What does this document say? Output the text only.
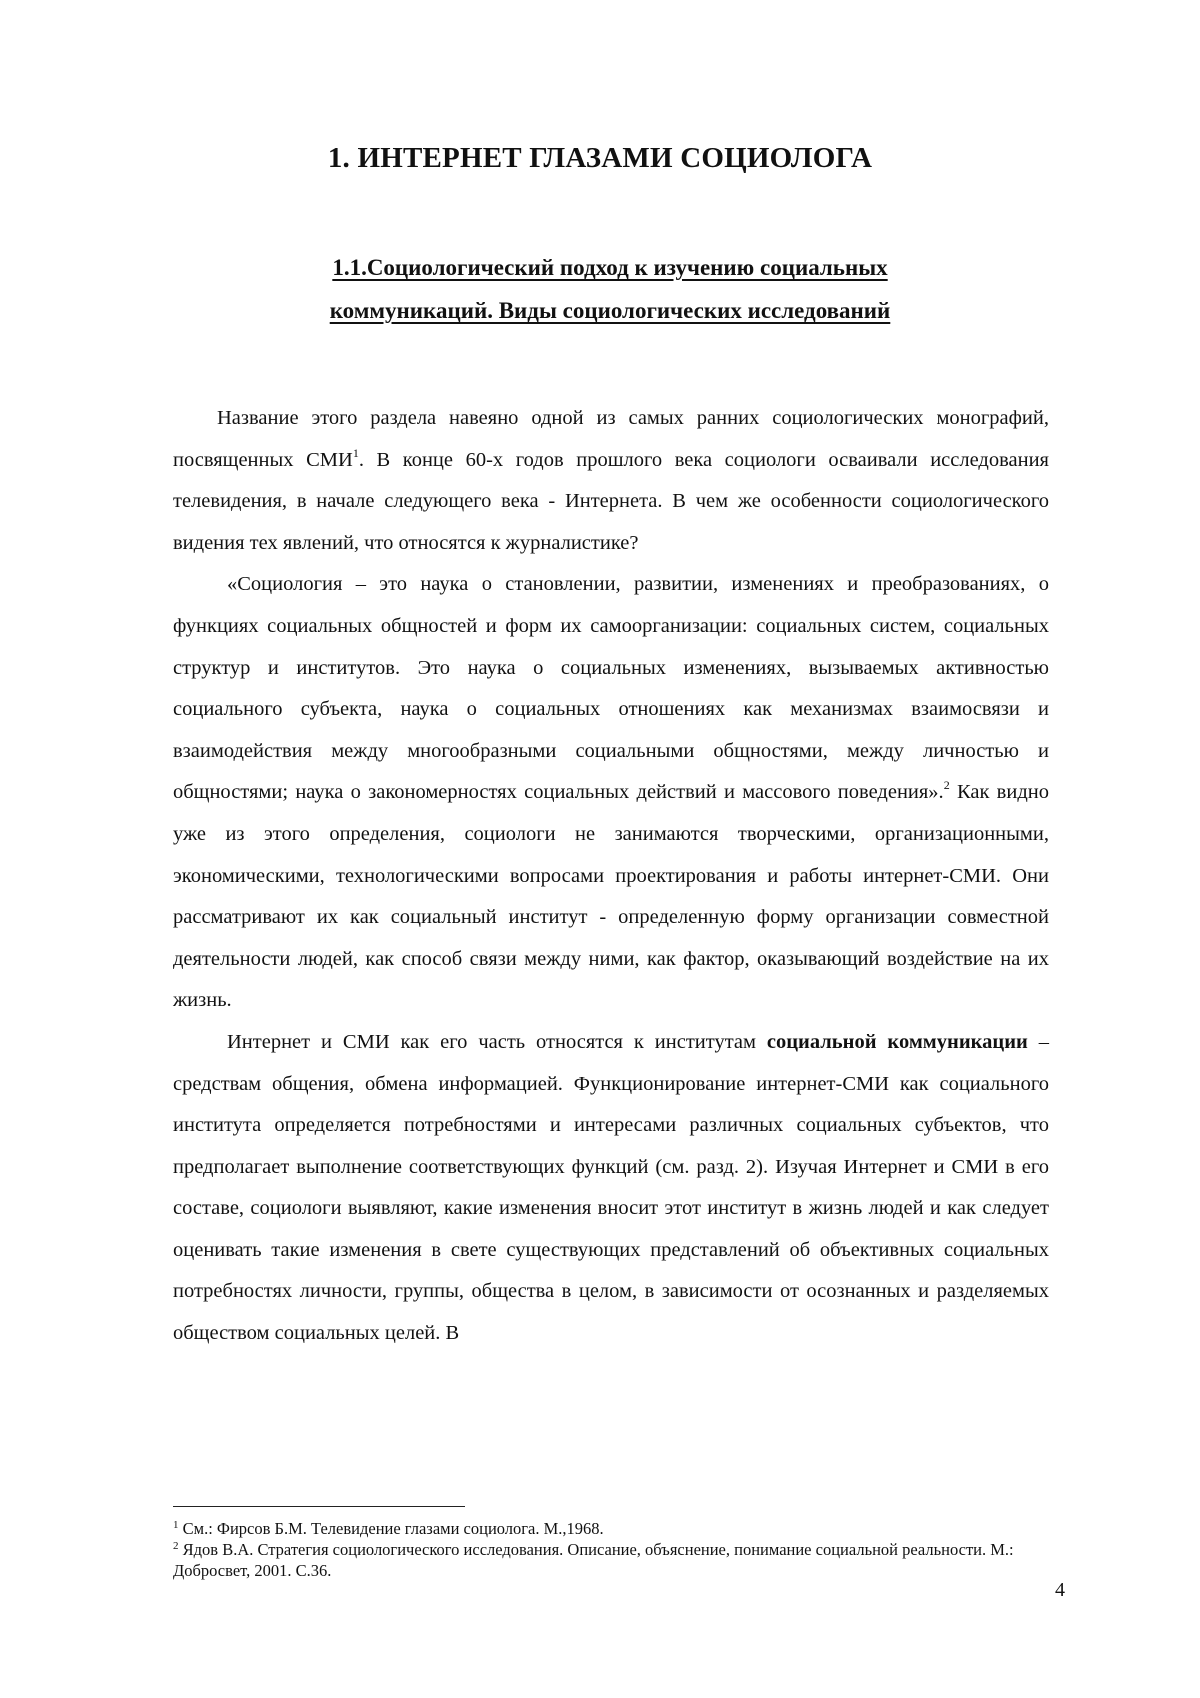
1. ИНТЕРНЕТ ГЛАЗАМИ СОЦИОЛОГА
1.1.Социологический подход к изучению социальных
коммуникаций. Виды социологических исследований

Название этого раздела навеяно одной из самых ранних социологических монографий, посвященных СМИ$^1$. В конце 60-х годов прошлого века социологи осваивали исследования телевидения, в начале следующего века - Интернета. В чем же особенности социологического видения тех явлений, что относятся к журналистике?

«Социология – это наука о становлении, развитии, изменениях и преобразованиях, о функциях социальных общностей и форм их самоорганизации: социальных систем, социальных структур и институтов. Это наука о социальных изменениях, вызываемых активностью социального субъекта, наука о социальных отношениях как механизмах взаимосвязи и взаимодействия между многообразными социальными общностями, между личностью и общностями; наука о закономерностях социальных действий и массового поведения».$^2$ Как видно уже из этого определения, социологи не занимаются творческими, организационными, экономическими, технологическими вопросами проектирования и работы интернет-СМИ. Они рассматривают их как социальный институт - определенную форму организации совместной деятельности людей, как способ связи между ними, как фактор, оказывающий воздействие на их жизнь.

Интернет и СМИ как его часть относятся к институтам социальной коммуникации – средствам общения, обмена информацией. Функционирование интернет-СМИ как социального института определяется потребностями и интересами различных социальных субъектов, что предполагает выполнение соответствующих функций (см. разд. 2). Изучая Интернет и СМИ в его составе, социологи выявляют, какие изменения вносит этот институт в жизнь людей и как следует оценивать такие изменения в свете существующих представлений об объективных социальных потребностях личности, группы, общества в целом, в зависимости от осознанных и разделяемых обществом социальных целей. В

$^1$ См.: Фирсов Б.М. Телевидение глазами социолога. М.,1968.

$^2$ Ядов В.А. Стратегия социологического исследования. Описание, объяснение, понимание социальной реальности. М.: Добросвет, 2001. С.36.

4
